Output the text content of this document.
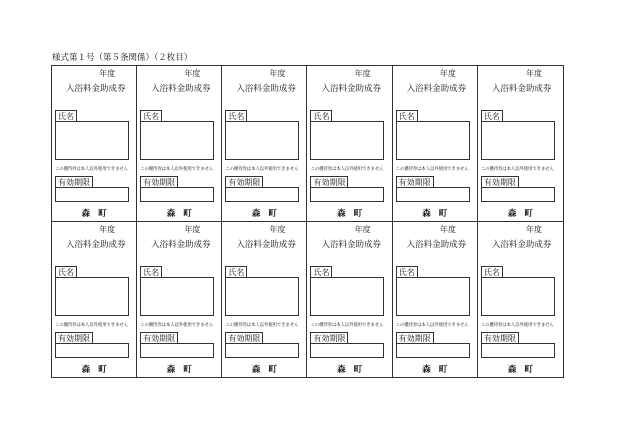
様式第１号（第５条関係）（２枚目）
年度
入浴料金助成券
氏名
この優待券は本人以外使用できません
有効期限
森町
年度
入浴料金助成券
氏名
この優待券は本人以外使用できません
有効期限
森町
年度
入浴料金助成券
氏名
この優待券は本人以外使用できません
有効期限
森町
年度
入浴料金助成券
氏名
この優待券は本人以外使用できません
有効期限
森町
年度
入浴料金助成券
氏名
この優待券は本人以外使用できません
有効期限
森町
年度
入浴料金助成券
氏名
この優待券は本人以外使用できません
有効期限
森町
年度
入浴料金助成券
氏名
この優待券は本人以外使用できません
有効期限
森町
年度
入浴料金助成券
氏名
この優待券は本人以外使用できません
有効期限
森町
年度
入浴料金助成券
氏名
この優待券は本人以外使用できません
有効期限
森町
年度
入浴料金助成券
氏名
この優待券は本人以外使用できません
有効期限
森町
年度
入浴料金助成券
氏名
この優待券は本人以外使用できません
有効期限
森町
年度
入浴料金助成券
氏名
この優待券は本人以外使用できません
有効期限
森町
